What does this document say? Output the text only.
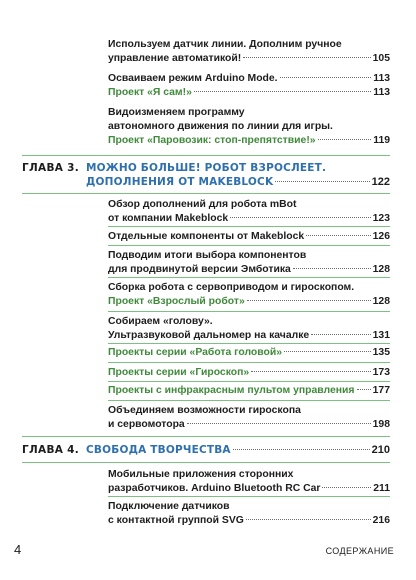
Используем датчик линии. Дополним ручное
управление автоматикой!	105
Осваиваем режим Arduino Mode.	113
Проект «Я сам!»	113
Видоизменяем программу
автономного движения по линии для игры.
Проект «Паровозик: стоп-препятствие!»	119
ГЛАВА 3. МОЖНО БОЛЬШЕ! РОБОТ ВЗРОСЛЕЕТ.
ДОПОЛНЕНИЯ ОТ MAKEBLOCK	122
Обзор дополнений для робота mBot
от компании Makeblock	123
Отдельные компоненты от Makeblock	126
Подводим итоги выбора компонентов
для продвинутой версии Эмботика	128
Сборка робота с сервоприводом и гироскопом.
Проект «Взрослый робот»	128
Собираем «голову».
Ультразвуковой дальномер на качалке	131
Проекты серии «Работа головой»	135
Проекты серии «Гироскоп»	173
Проекты с инфракрасным пультом управления 177
Объединяем возможности гироскопа
и сервомотора	198
ГЛАВА 4. СВОБОДА ТВОРЧЕСТВА	210
Мобильные приложения сторонних
разработчиков. Arduino Bluetooth RC Car	211
Подключение датчиков
с контактной группой SVG	216
4	СОДЕРЖАНИЕ
